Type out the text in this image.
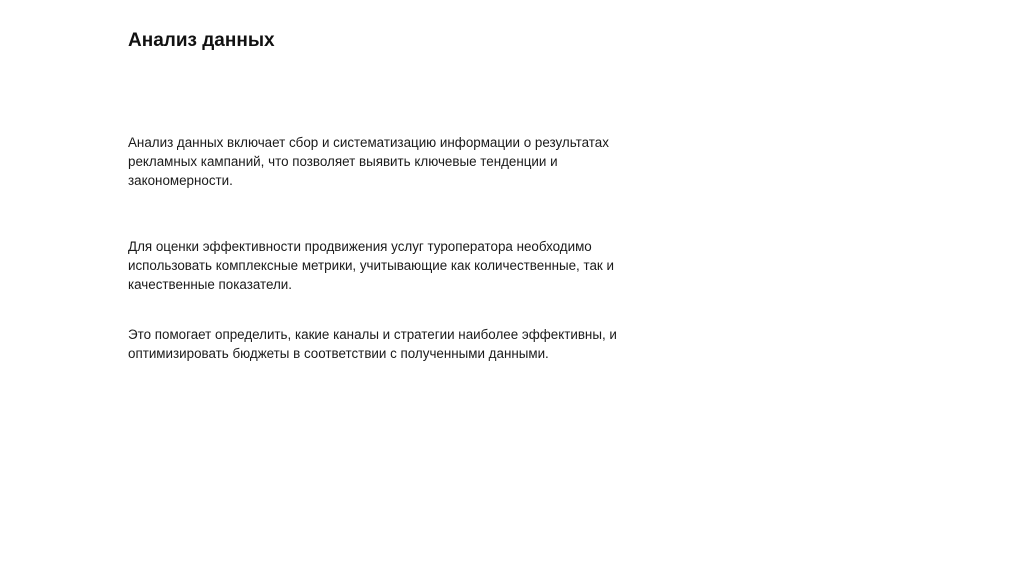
Анализ данных

Анализ данных включает сбор и систематизацию информации о результатах
рекламных кампаний, что позволяет выявить ключевые тенденции и
закономерности.

Для оценки эффективности продвижения услуг туроператора необходимо
использовать комплексные метрики, учитывающие как количественные, так и
качественные показатели.

Это помогает определить, какие каналы и стратегии наиболее эффективны, и
оптимизировать бюджеты в соответствии с полученными данными.
